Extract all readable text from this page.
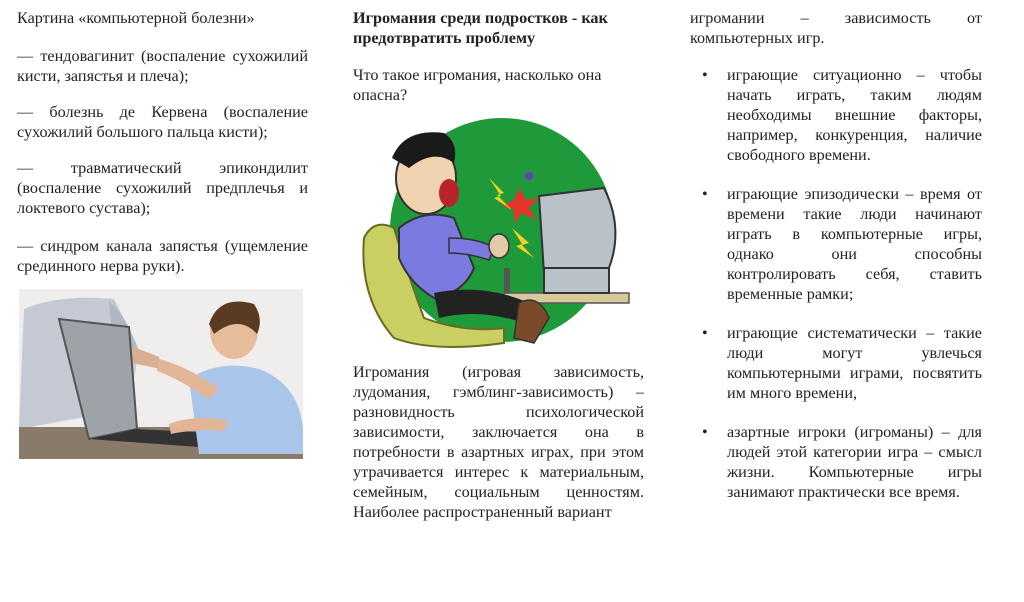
Картина «компьютерной болезни»

— тендовагинит (воспаление сухожилий кисти, запястья и плеча);

— болезнь де Кервена (воспаление сухожилий большого пальца кисти);

— травматический эпикондилит (воспаление сухожилий предплечья и локтевого сустава);

— синдром канала запястья (ущемление срединного нерва руки).

Игромания среди подростков - как предотвратить проблему

Что такое игромания, насколько она опасна?

Игромания (игровая зависимость, лудомания, гэмблинг-зависимость) – разновидность психологической зависимости, заключается она в потребности в азартных играх, при этом утрачивается интерес к материальным, семейным, социальным ценностям. Наиболее распространенный вариант

игромании – зависимость от компьютерных игр.

• играющие ситуационно – чтобы начать играть, таким людям необходимы внешние факторы, например, конкуренция, наличие свободного времени.
• играющие эпизодически – время от времени такие люди начинают играть в компьютерные игры, однако они способны контролировать себя, ставить временные рамки;
• играющие систематически – такие люди могут увлечься компьютерными играми, посвятить им много времени,
• азартные игроки (игроманы) – для людей этой категории игра – смысл жизни. Компьютерные игры занимают практически все время.
